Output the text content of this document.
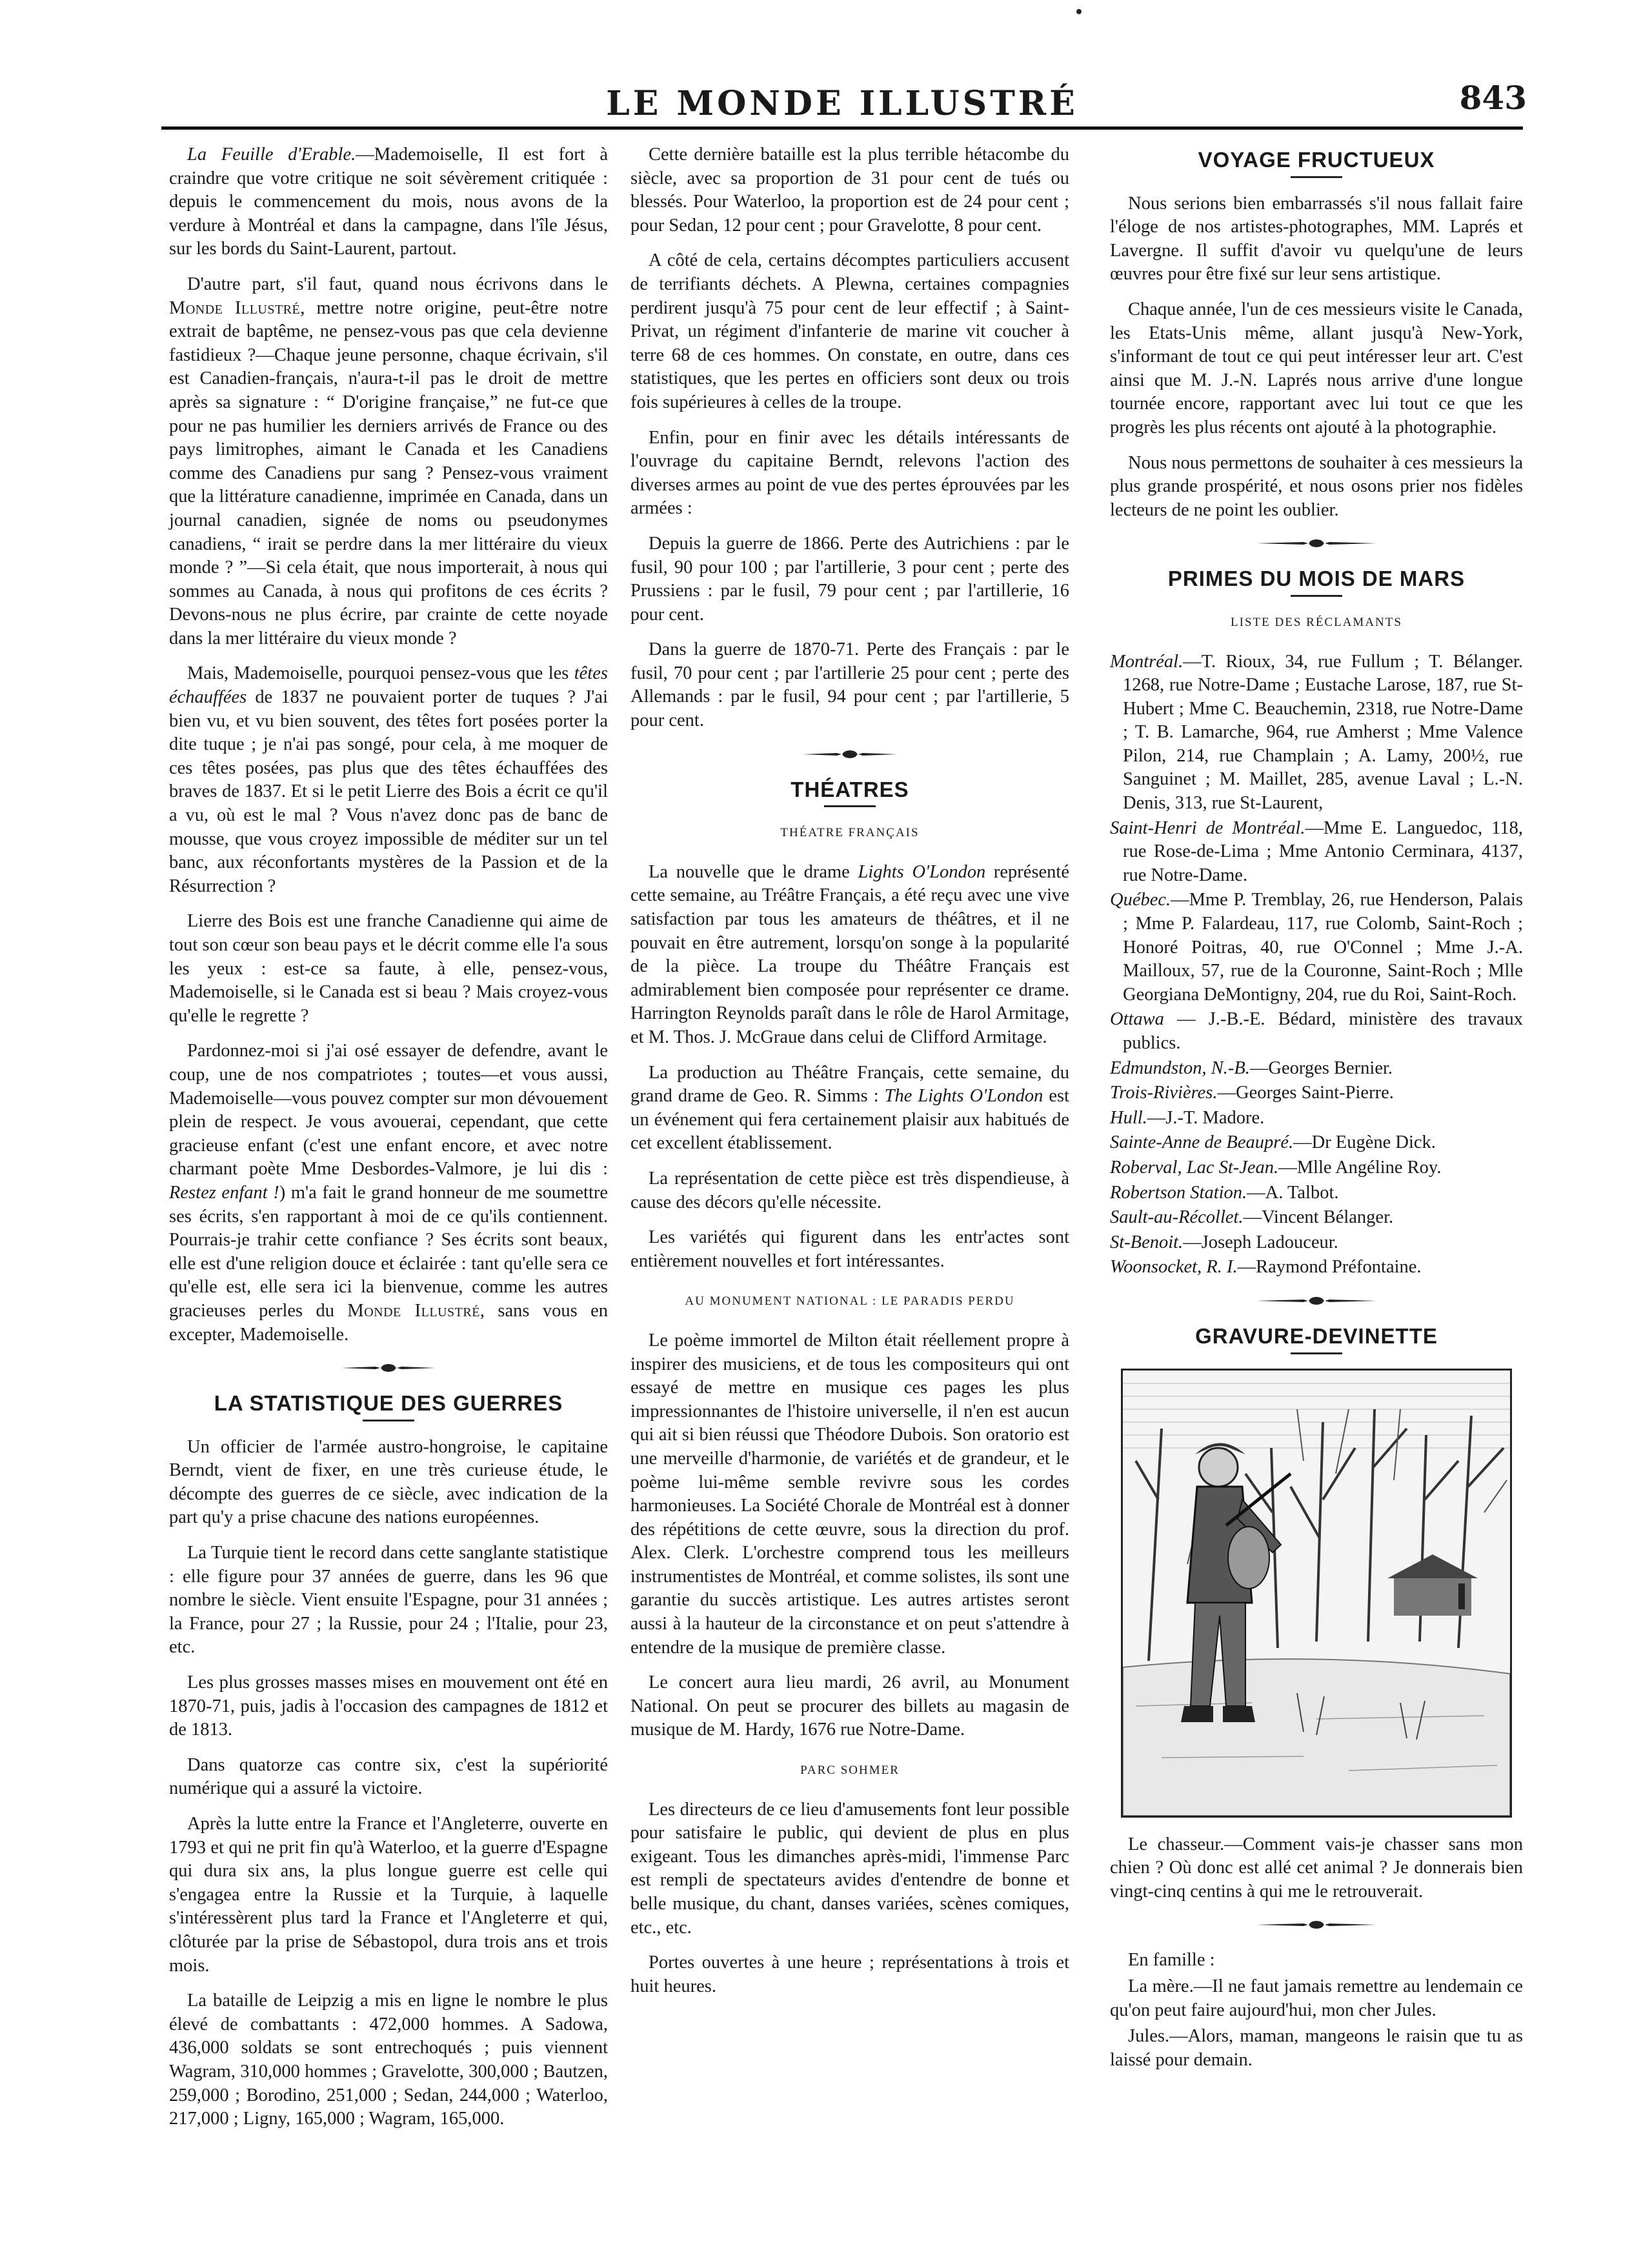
LE MONDE ILLUSTRÉ	843

La Feuille d'Erable.—Mademoiselle, Il est fort à craindre que votre critique ne soit sévèrement critiquée : depuis le commencement du mois, nous avons de la verdure à Montréal et dans la campagne, dans l'île Jésus, sur les bords du Saint-Laurent, partout.

D'autre part, s'il faut, quand nous écrivons dans le Monde Illustré, mettre notre origine, peut-être notre extrait de baptême, ne pensez-vous pas que cela devienne fastidieux ?—Chaque jeune personne, chaque écrivain, s'il est Canadien-français, n'aura-t-il pas le droit de mettre après sa signature : “ D'origine française,” ne fut-ce que pour ne pas humilier les derniers arrivés de France ou des pays limitrophes, aimant le Canada et les Canadiens comme des Canadiens pur sang ? Pensez-vous vraiment que la littérature canadienne, imprimée en Canada, dans un journal canadien, signée de noms ou pseudonymes canadiens, “ irait se perdre dans la mer littéraire du vieux monde ? ”—Si cela était, que nous importerait, à nous qui sommes au Canada, à nous qui profitons de ces écrits ? Devons-nous ne plus écrire, par crainte de cette noyade dans la mer littéraire du vieux monde ?

Mais, Mademoiselle, pourquoi pensez-vous que les têtes échauffées de 1837 ne pouvaient porter de tuques ? J'ai bien vu, et vu bien souvent, des têtes fort posées porter la dite tuque ; je n'ai pas songé, pour cela, à me moquer de ces têtes posées, pas plus que des têtes échauffées des braves de 1837. Et si le petit Lierre des Bois a écrit ce qu'il a vu, où est le mal ? Vous n'avez donc pas de banc de mousse, que vous croyez impossible de méditer sur un tel banc, aux réconfortants mystères de la Passion et de la Résurrection ?

Lierre des Bois est une franche Canadienne qui aime de tout son cœur son beau pays et le décrit comme elle l'a sous les yeux : est-ce sa faute, à elle, pensez-vous, Mademoiselle, si le Canada est si beau ? Mais croyez-vous qu'elle le regrette ?

Pardonnez-moi si j'ai osé essayer de defendre, avant le coup, une de nos compatriotes ; toutes—et vous aussi, Mademoiselle—vous pouvez compter sur mon dévouement plein de respect. Je vous avouerai, cependant, que cette gracieuse enfant (c'est une enfant encore, et avec notre charmant poète Mme Desbordes-Valmore, je lui dis : Restez enfant !) m'a fait le grand honneur de me soumettre ses écrits, s'en rapportant à moi de ce qu'ils contiennent. Pourrais-je trahir cette confiance ? Ses écrits sont beaux, elle est d'une religion douce et éclairée : tant qu'elle sera ce qu'elle est, elle sera ici la bienvenue, comme les autres gracieuses perles du Monde Illustré, sans vous en excepter, Mademoiselle.

LA STATISTIQUE DES GUERRES

Un officier de l'armée austro-hongroise, le capitaine Berndt, vient de fixer, en une très curieuse étude, le décompte des guerres de ce siècle, avec indication de la part qu'y a prise chacune des nations européennes.

La Turquie tient le record dans cette sanglante statistique : elle figure pour 37 années de guerre, dans les 96 que nombre le siècle. Vient ensuite l'Espagne, pour 31 années ; la France, pour 27 ; la Russie, pour 24 ; l'Italie, pour 23, etc.

Les plus grosses masses mises en mouvement ont été en 1870-71, puis, jadis à l'occasion des campagnes de 1812 et de 1813.

Dans quatorze cas contre six, c'est la supériorité numérique qui a assuré la victoire.

Après la lutte entre la France et l'Angleterre, ouverte en 1793 et qui ne prit fin qu'à Waterloo, et la guerre d'Espagne qui dura six ans, la plus longue guerre est celle qui s'engagea entre la Russie et la Turquie, à laquelle s'intéressèrent plus tard la France et l'Angleterre et qui, clôturée par la prise de Sébastopol, dura trois ans et trois mois.

La bataille de Leipzig a mis en ligne le nombre le plus élevé de combattants : 472,000 hommes. A Sadowa, 436,000 soldats se sont entrechoqués ; puis viennent Wagram, 310,000 hommes ; Gravelotte, 300,000 ; Bautzen, 259,000 ; Borodino, 251,000 ; Sedan, 244,000 ; Waterloo, 217,000 ; Ligny, 165,000 ; Wagram, 165,000.

Cette dernière bataille est la plus terrible hétacombe du siècle, avec sa proportion de 31 pour cent de tués ou blessés. Pour Waterloo, la proportion est de 24 pour cent ; pour Sedan, 12 pour cent ; pour Gravelotte, 8 pour cent.

A côté de cela, certains décomptes particuliers accusent de terrifiants déchets. A Plewna, certaines compagnies perdirent jusqu'à 75 pour cent de leur effectif ; à Saint-Privat, un régiment d'infanterie de marine vit coucher à terre 68 de ces hommes. On constate, en outre, dans ces statistiques, que les pertes en officiers sont deux ou trois fois supérieures à celles de la troupe.

Enfin, pour en finir avec les détails intéressants de l'ouvrage du capitaine Berndt, relevons l'action des diverses armes au point de vue des pertes éprouvées par les armées :

Depuis la guerre de 1866. Perte des Autrichiens : par le fusil, 90 pour 100 ; par l'artillerie, 3 pour cent ; perte des Prussiens : par le fusil, 79 pour cent ; par l'artillerie, 16 pour cent.

Dans la guerre de 1870-71. Perte des Français : par le fusil, 70 pour cent ; par l'artillerie 25 pour cent ; perte des Allemands : par le fusil, 94 pour cent ; par l'artillerie, 5 pour cent.

THÉATRES
THÉATRE FRANÇAIS

La nouvelle que le drame Lights O'London représenté cette semaine, au Tréâtre Français, a été reçu avec une vive satisfaction par tous les amateurs de théâtres, et il ne pouvait en être autrement, lorsqu'on songe à la popularité de la pièce. La troupe du Théâtre Français est admirablement bien composée pour représenter ce drame. Harrington Reynolds paraît dans le rôle de Harol Armitage, et M. Thos. J. McGraue dans celui de Clifford Armitage.

La production au Théâtre Français, cette semaine, du grand drame de Geo. R. Simms : The Lights O'London est un événement qui fera certainement plaisir aux habitués de cet excellent établissement.

La représentation de cette pièce est très dispendieuse, à cause des décors qu'elle nécessite.

Les variétés qui figurent dans les entr'actes sont entièrement nouvelles et fort intéressantes.

AU MONUMENT NATIONAL : LE PARADIS PERDU

Le poème immortel de Milton était réellement propre à inspirer des musiciens, et de tous les compositeurs qui ont essayé de mettre en musique ces pages les plus impressionnantes de l'histoire universelle, il n'en est aucun qui ait si bien réussi que Théodore Dubois. Son oratorio est une merveille d'harmonie, de variétés et de grandeur, et le poème lui-même semble revivre sous les cordes harmonieuses. La Société Chorale de Montréal est à donner des répétitions de cette œuvre, sous la direction du prof. Alex. Clerk. L'orchestre comprend tous les meilleurs instrumentistes de Montréal, et comme solistes, ils sont une garantie du succès artistique. Les autres artistes seront aussi à la hauteur de la circonstance et on peut s'attendre à entendre de la musique de première classe.

Le concert aura lieu mardi, 26 avril, au Monument National. On peut se procurer des billets au magasin de musique de M. Hardy, 1676 rue Notre-Dame.

PARC SOHMER

Les directeurs de ce lieu d'amusements font leur possible pour satisfaire le public, qui devient de plus en plus exigeant. Tous les dimanches après-midi, l'immense Parc est rempli de spectateurs avides d'entendre de bonne et belle musique, du chant, danses variées, scènes comiques, etc., etc.

Portes ouvertes à une heure ; représentations à trois et huit heures.

VOYAGE FRUCTUEUX

Nous serions bien embarrassés s'il nous fallait faire l'éloge de nos artistes-photographes, MM. Laprés et Lavergne. Il suffit d'avoir vu quelqu'une de leurs œuvres pour être fixé sur leur sens artistique.

Chaque année, l'un de ces messieurs visite le Canada, les Etats-Unis même, allant jusqu'à New-York, s'informant de tout ce qui peut intéresser leur art. C'est ainsi que M. J.-N. Laprés nous arrive d'une longue tournée encore, rapportant avec lui tout ce que les progrès les plus récents ont ajouté à la photographie.

Nous nous permettons de souhaiter à ces messieurs la plus grande prospérité, et nous osons prier nos fidèles lecteurs de ne point les oublier.

PRIMES DU MOIS DE MARS
LISTE DES RÉCLAMANTS

Montréal.—T. Rioux, 34, rue Fullum ; T. Bélanger. 1268, rue Notre-Dame ; Eustache Larose, 187, rue St-Hubert ; Mme C. Beauchemin, 2318, rue Notre-Dame ; T. B. Lamarche, 964, rue Amherst ; Mme Valence Pilon, 214, rue Champlain ; A. Lamy, 200½, rue Sanguinet ; M. Maillet, 285, avenue Laval ; L.-N. Denis, 313, rue St-Laurent,

Saint-Henri de Montréal.—Mme E. Languedoc, 118, rue Rose-de-Lima ; Mme Antonio Cerminara, 4137, rue Notre-Dame.

Québec.—Mme P. Tremblay, 26, rue Henderson, Palais ; Mme P. Falardeau, 117, rue Colomb, Saint-Roch ; Honoré Poitras, 40, rue O'Connel ; Mme J.-A. Mailloux, 57, rue de la Couronne, Saint-Roch ; Mlle Georgiana DeMontigny, 204, rue du Roi, Saint-Roch.

Ottawa — J.-B.-E. Bédard, ministère des travaux publics.

Edmundston, N.-B.—Georges Bernier.

Trois-Rivières.—Georges Saint-Pierre.

Hull.—J.-T. Madore.

Sainte-Anne de Beaupré.—Dr Eugène Dick.

Roberval, Lac St-Jean.—Mlle Angéline Roy.

Robertson Station.—A. Talbot.

Sault-au-Récollet.—Vincent Bélanger.

St-Benoit.—Joseph Ladouceur.

Woonsocket, R. I.—Raymond Préfontaine.

GRAVURE-DEVINETTE

Le chasseur.—Comment vais-je chasser sans mon chien ? Où donc est allé cet animal ? Je donnerais bien vingt-cinq centins à qui me le retrouverait.

En famille :

La mère.—Il ne faut jamais remettre au lendemain ce qu'on peut faire aujourd'hui, mon cher Jules.

Jules.—Alors, maman, mangeons le raisin que tu as laissé pour demain.
